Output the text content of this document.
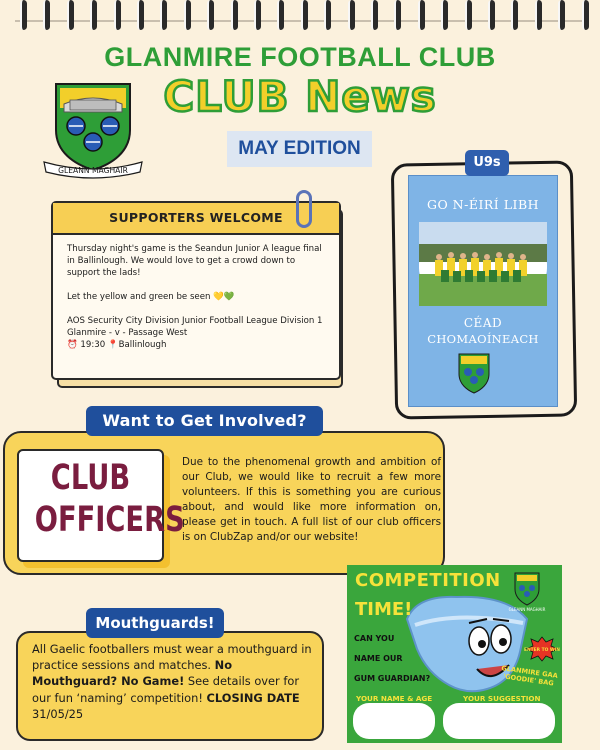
GLEANN MAGHAIR
GLANMIRE FOOTBALL CLUB
CLUB News
MAY EDITION
SUPPORTERS WELCOME

Thursday night's game is the Seandun Junior A league final in Ballinlough. We would love to get a crowd down to support the lads!

Let the yellow and green be seen 💛💚

AOS Security City Division Junior Football League Division 1
Glanmire - v - Passage West
⏰ 19:30 📍Ballinlough
U9s
GO N-ÉIRÍ LIBH
CÉAD
CHOMAOÍNEACH
Want to Get Involved?
CLUB
OFFICERS
Due to the phenomenal growth and ambition of our Club, we would like to recruit a few more volunteers. If this is something you are curious about, and would like more information on, please get in touch. A full list of our club officers is on ClubZap and/or our website!
Mouthguards!
All Gaelic footballers must wear a mouthguard in practice sessions and matches. No Mouthguard? No Game! See details over for our fun ‘naming’ competition! CLOSING DATE 31/05/25
GLEANN MAGHAIR
COMPETITION
TIME!
CAN YOU
NAME OUR
GUM GUARDIAN?
ENTER TO WIN
GLANMIRE GAA 'GOODIE' BAG
YOUR NAME & AGE	YOUR SUGGESTION
